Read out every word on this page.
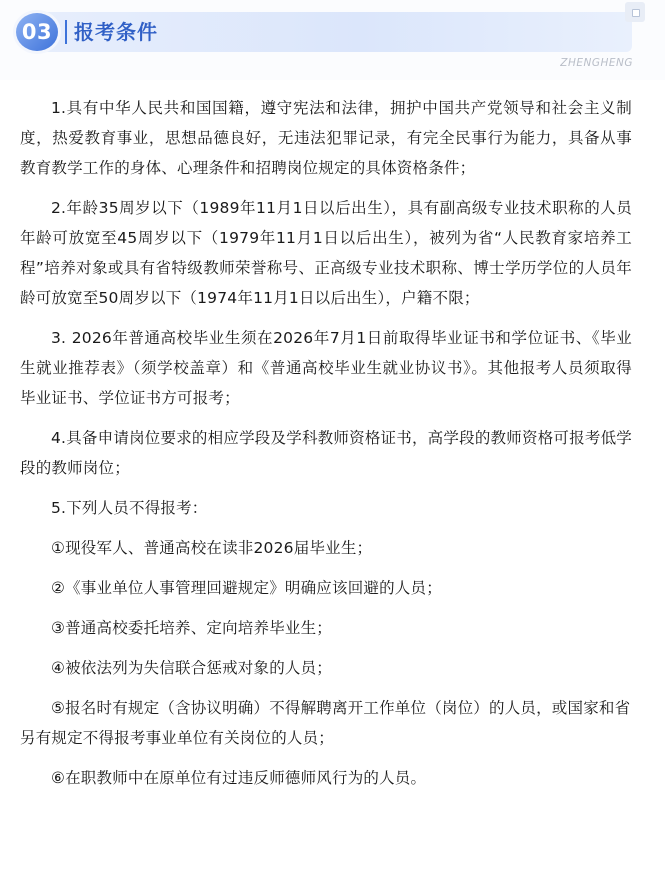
03 报考条件
ZHENGHENG

1.具有中华人民共和国国籍，遵守宪法和法律，拥护中国共产党领导和社会主义制度，热爱教育事业，思想品德良好，无违法犯罪记录，有完全民事行为能力，具备从事教育教学工作的身体、心理条件和招聘岗位规定的具体资格条件；

2.年龄35周岁以下（1989年11月1日以后出生），具有副高级专业技术职称的人员年龄可放宽至45周岁以下（1979年11月1日以后出生），被列为省“人民教育家培养工程”培养对象或具有省特级教师荣誉称号、正高级专业技术职称、博士学历学位的人员年龄可放宽至50周岁以下（1974年11月1日以后出生），户籍不限；

3. 2026年普通高校毕业生须在2026年7月1日前取得毕业证书和学位证书、《毕业生就业推荐表》（须学校盖章）和《普通高校毕业生就业协议书》。其他报考人员须取得毕业证书、学位证书方可报考；

4.具备申请岗位要求的相应学段及学科教师资格证书，高学段的教师资格可报考低学段的教师岗位；

5.下列人员不得报考：

①现役军人、普通高校在读非2026届毕业生；

②《事业单位人事管理回避规定》明确应该回避的人员；

③普通高校委托培养、定向培养毕业生；

④被依法列为失信联合惩戒对象的人员；

⑤报名时有规定（含协议明确）不得解聘离开工作单位（岗位）的人员，或国家和省另有规定不得报考事业单位有关岗位的人员；

⑥在职教师中在原单位有过违反师德师风行为的人员。
